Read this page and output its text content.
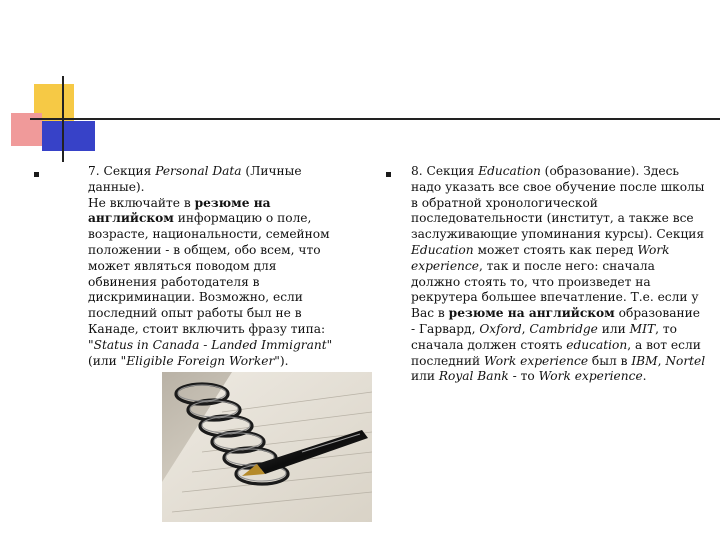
7. Секция Personal Data (Личные данные).

Не включайте в резюме на английском информацию о поле, возрасте, национальности, семейном положении - в общем, обо всем, что может являться поводом для обвинения работодателя в дискриминации. Возможно, если последний опыт работы был не в Канаде, стоит включить фразу типа: "Status in Canada - Landed Immigrant" (или "Eligible Foreign Worker").

8. Секция Education (образование). Здесь надо указать все свое обучение после школы в обратной хронологической последовательности (институт, а также все заслуживающие упоминания курсы). Секция Education может стоять как перед Work experience, так и после него: сначала должно стоять то, что произведет на рекрутера большее впечатление. Т.е. если у Вас в резюме на английском образование - Гарвард, Oxford, Cambridge или MIT, то сначала должен стоять education, а вот если последний Work experience был в IBM, Nortel или Royal Bank - то Work experience.
